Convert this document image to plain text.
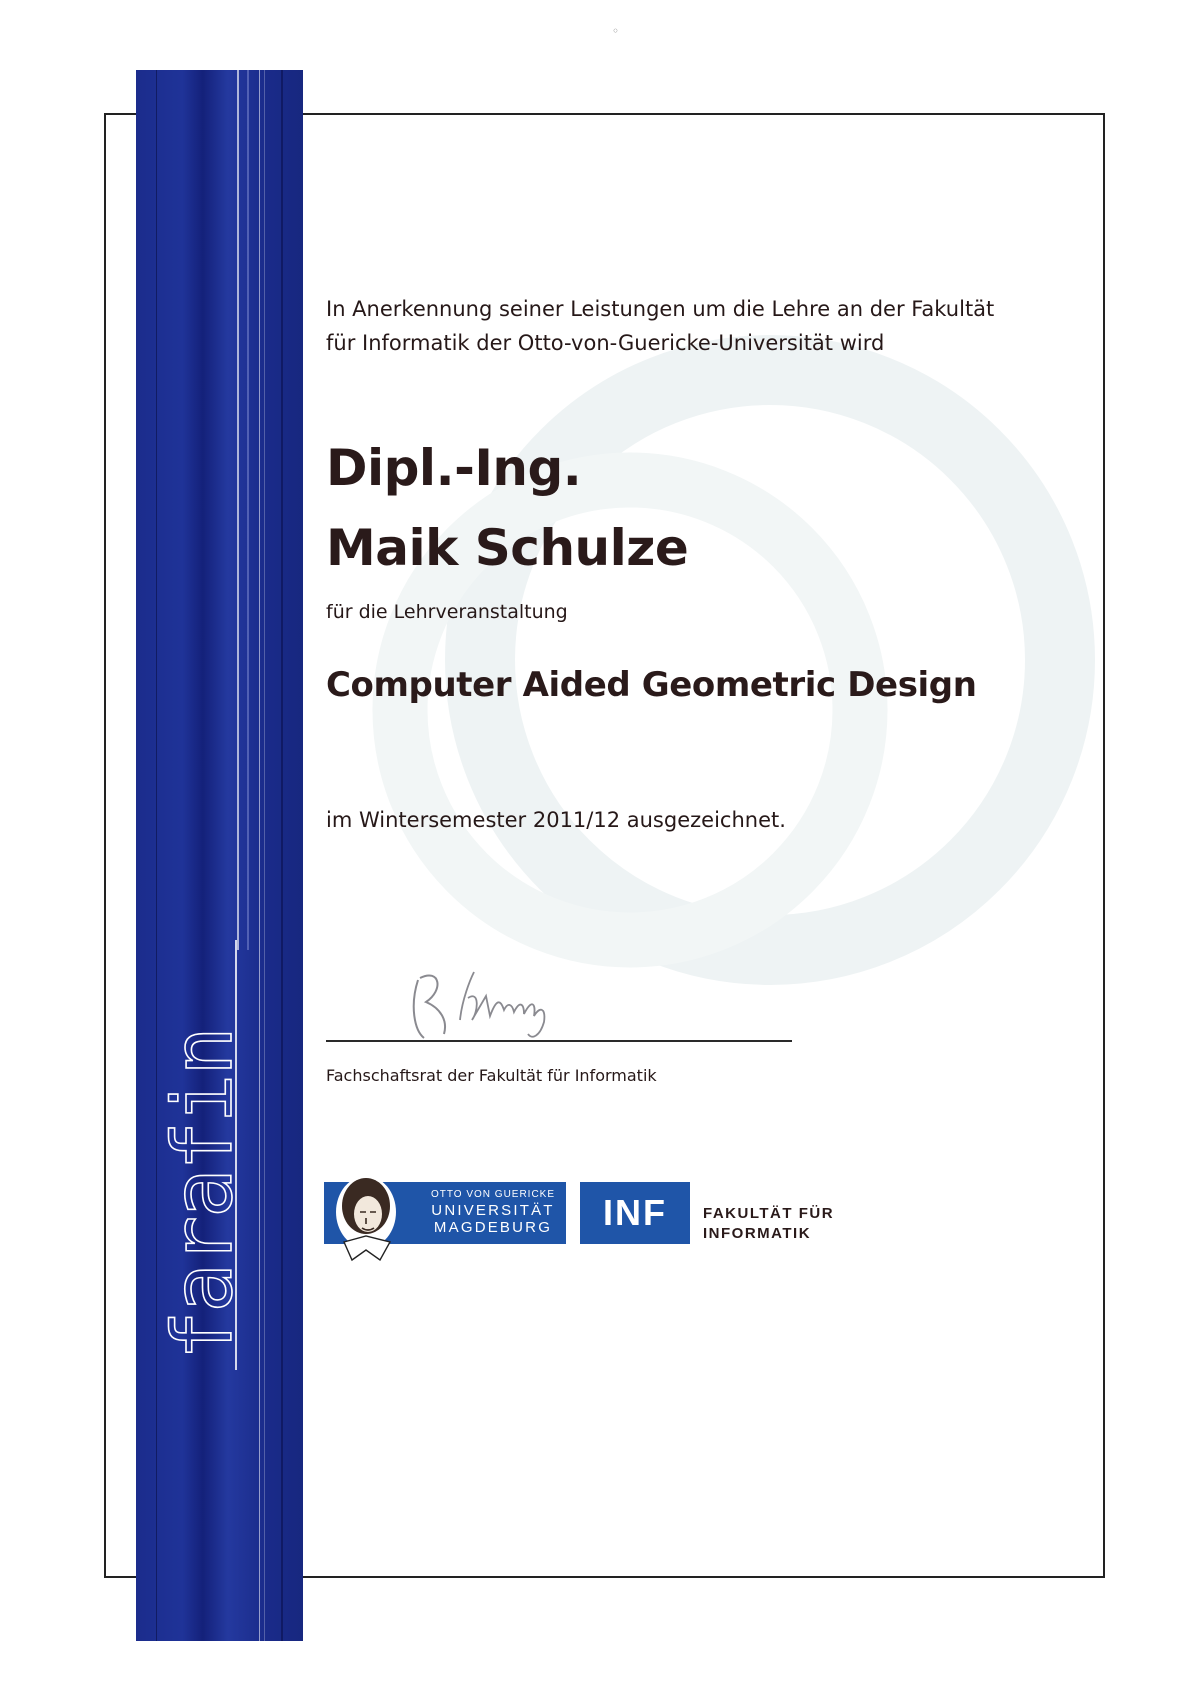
◦
farafin
In Anerkennung seiner Leistungen um die Lehre an der Fakultät
für Informatik der Otto-von-Guericke-Universität wird
Dipl.-Ing.
Maik Schulze
für die Lehrveranstaltung
Computer Aided Geometric Design
im Wintersemester 2011/12 ausgezeichnet.
Fachschaftsrat der Fakultät für Informatik
OTTO VON GUERICKE
UNIVERSITÄT
MAGDEBURG	INF	FAKULTÄT FÜR
INFORMATIK
